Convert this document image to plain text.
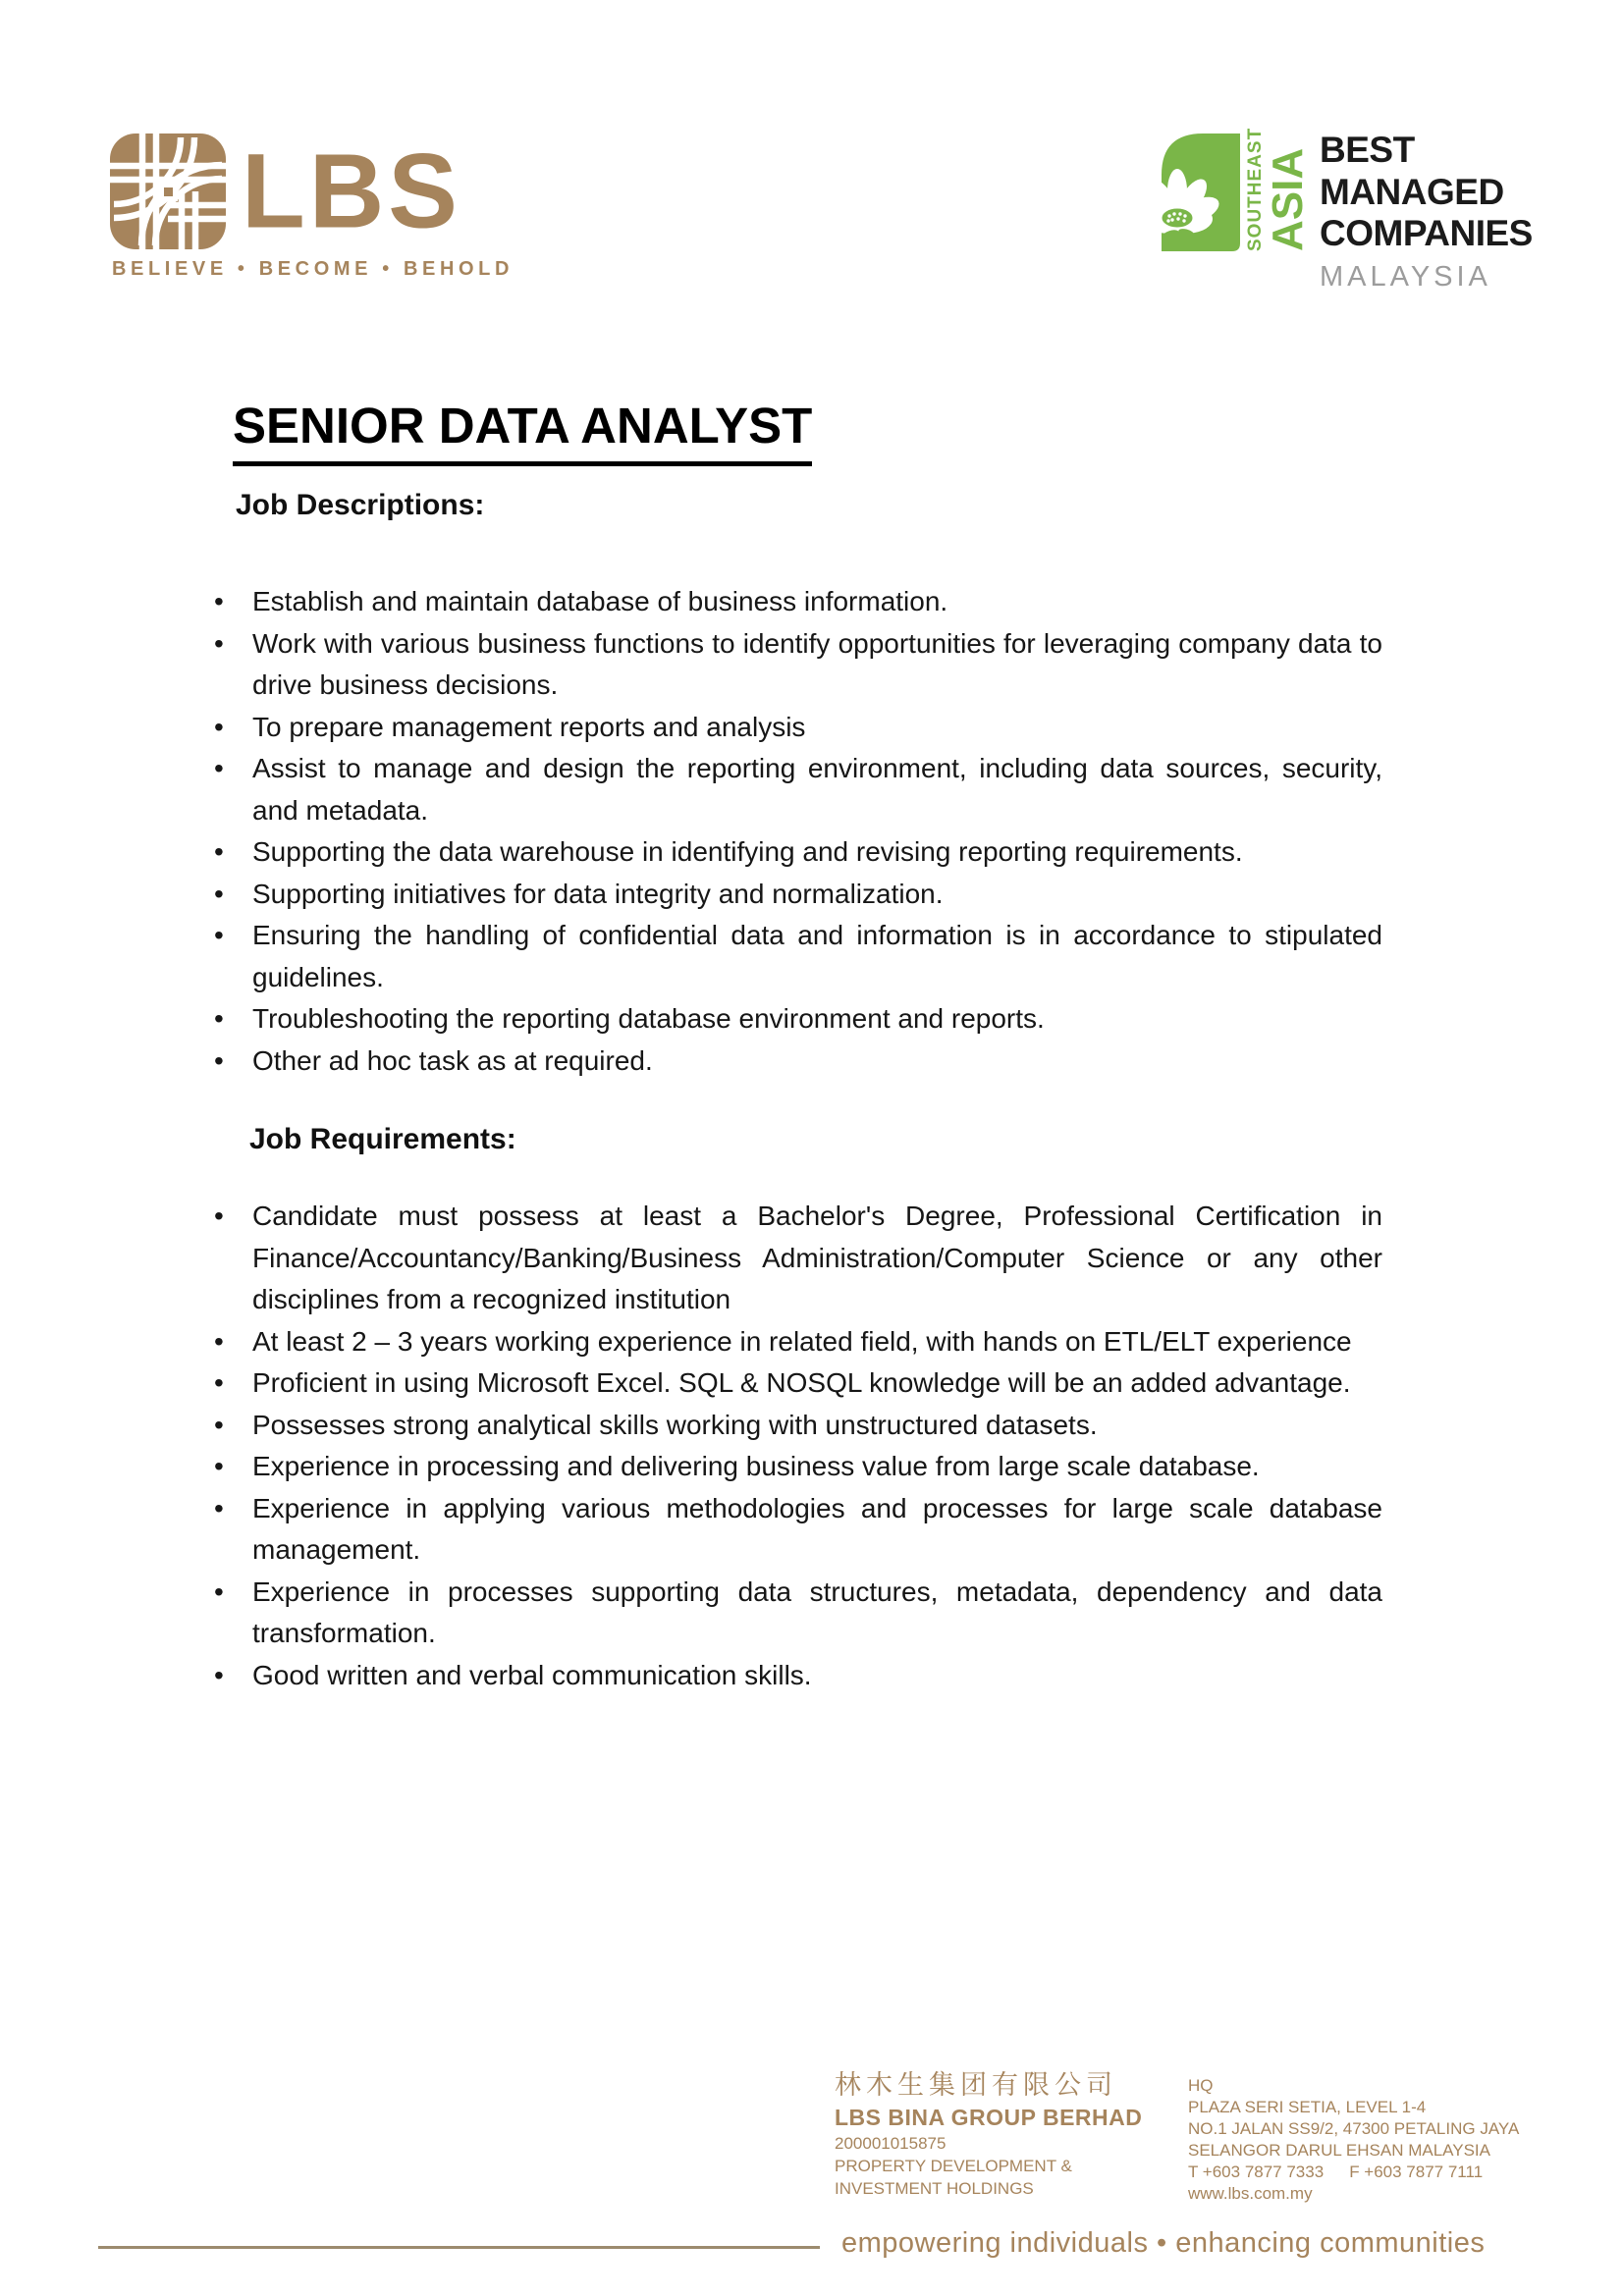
LBS
BELIEVE • BECOME • BEHOLD
SOUTHEAST
ASIA BEST
MANAGED
COMPANIES
MALAYSIA
SENIOR DATA ANALYST
Job Descriptions:
• Establish and maintain database of business information.
• Work with various business functions to identify opportunities for leveraging company data to drive business decisions.
• To prepare management reports and analysis
• Assist to manage and design the reporting environment, including data sources, security, and metadata.
• Supporting the data warehouse in identifying and revising reporting requirements.
• Supporting initiatives for data integrity and normalization.
• Ensuring the handling of confidential data and information is in accordance to stipulated guidelines.
• Troubleshooting the reporting database environment and reports.
• Other ad hoc task as at required.
Job Requirements:
• Candidate must possess at least a Bachelor's Degree, Professional Certification in Finance/Accountancy/Banking/Business Administration/Computer Science or any other disciplines from a recognized institution
• At least 2 – 3 years working experience in related field, with hands on ETL/ELT experience
• Proficient in using Microsoft Excel. SQL & NOSQL knowledge will be an added advantage.
• Possesses strong analytical skills working with unstructured datasets.
• Experience in processing and delivering business value from large scale database.
• Experience in applying various methodologies and processes for large scale database management.
• Experience in processes supporting data structures, metadata, dependency and data transformation.
• Good written and verbal communication skills.
林木生集团有限公司
LBS BINA GROUP BERHAD
200001015875
PROPERTY DEVELOPMENT &
INVESTMENT HOLDINGS
HQ
PLAZA SERI SETIA, LEVEL 1-4
NO.1 JALAN SS9/2, 47300 PETALING JAYA
SELANGOR DARUL EHSAN MALAYSIA
T +603 7877 7333 F +603 7877 7111
www.lbs.com.my
empowering individuals • enhancing communities
